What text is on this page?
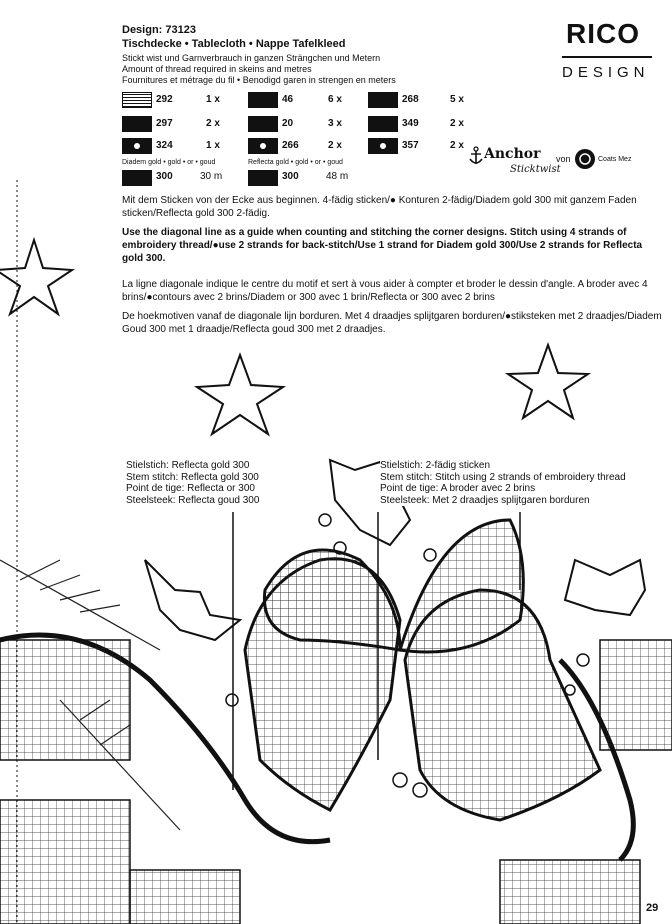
RICO
DESIGN
Design: 73123
Tischdecke • Tablecloth • Nappe Tafelkleed
Stickt wist und Garnverbrauch in ganzen Strängchen und Metern
Amount of thread required in skeins and metres
Fournitures et métrage du fil • Benodigd garen in strengen en meters
292	1 x	46	6 x	268	5 x
297	2 x	20	3 x	349	2 x
324	1 x	266	2 x	357	2 x
Diadem gold • gold • or • goud	Reflecta gold • gold • or • goud
300	30 m	300	48 m
Anchor
Sticktwist
von	Coats Mez
Mit dem Sticken von der Ecke aus beginnen. 4-fädig sticken/● Konturen 2-fädig/Diadem gold 300 mit ganzem Faden sticken/Reflecta gold 300 2-fädig.
Use the diagonal line as a guide when counting and stitching the corner designs. Stitch using 4 strands of embroidery thread/●use 2 strands for back-stitch/Use 1 strand for Diadem gold 300/Use 2 strands for Reflecta gold 300.
La ligne diagonale indique le centre du motif et sert à vous aider à compter et broder le dessin d'angle. A broder avec 4 brins/●contours avec 2 brins/Diadem or 300 avec 1 brin/Reflecta or 300 avec 2 brins
De hoekmotiven vanaf de diagonale lijn borduren. Met 4 draadjes splijtgaren borduren/●stiksteken met 2 draadjes/Diadem Goud 300 met 1 draadje/Reflecta goud 300 met 2 draadjes.
Stielstich: Reflecta gold 300
Stem stitch: Reflecta gold 300
Point de tige: Reflecta or 300
Steelsteek: Reflecta goud 300
Stielstich: 2-fädig sticken
Stem stitch: Stitch using 2 strands of embroidery thread
Point de tige: A broder avec 2 brins
Steelsteek: Met 2 draadjes splijtgaren borduren
29
